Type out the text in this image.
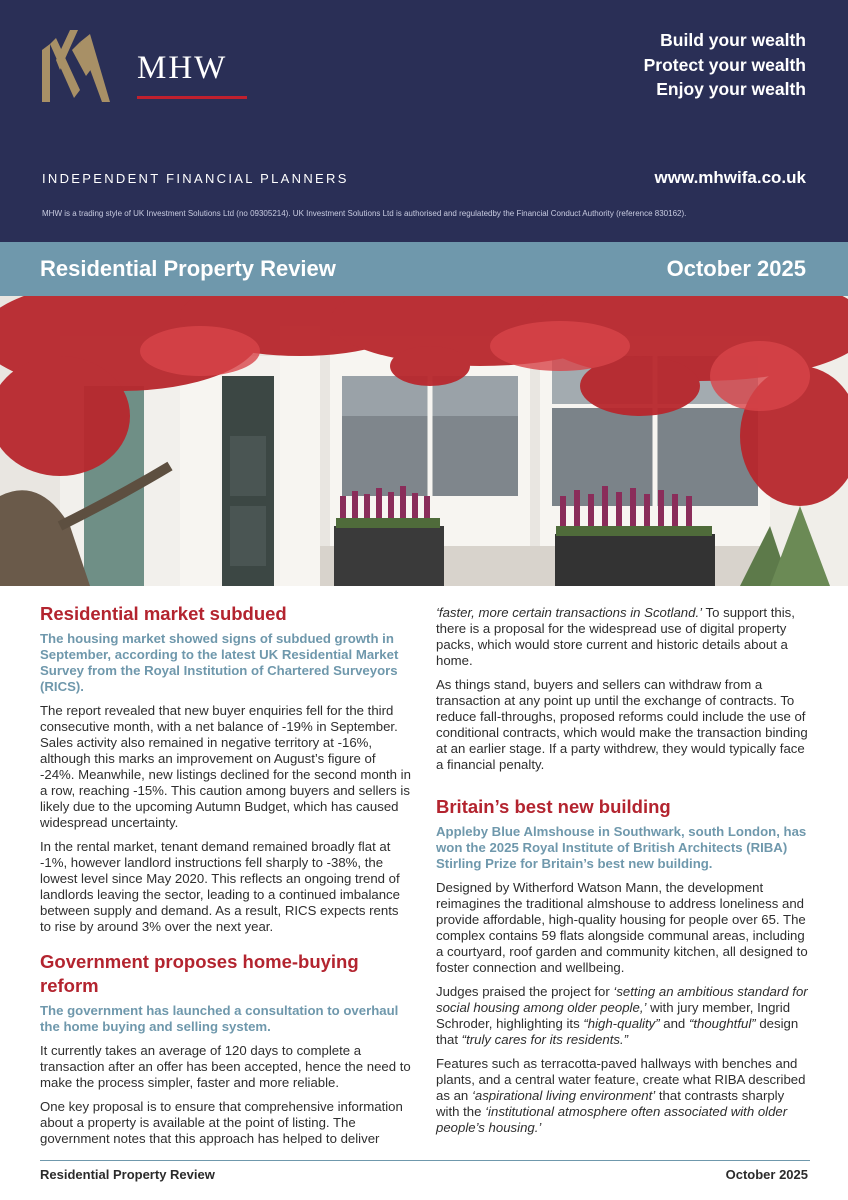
MHW
Build your wealth
Protect your wealth
Enjoy your wealth
INDEPENDENT FINANCIAL PLANNERS	www.mhwifa.co.uk
MHW is a trading style of UK Investment Solutions Ltd (no 09305214). UK Investment Solutions Ltd is authorised and regulatedby the Financial Conduct Authority (reference 830162).
Residential Property Review	October 2025
Residential market subdued
The housing market showed signs of subdued growth in September, according to the latest UK Residential Market Survey from the Royal Institution of Chartered Surveyors (RICS).

The report revealed that new buyer enquiries fell for the third consecutive month, with a net balance of -19% in September. Sales activity also remained in negative territory at -16%, although this marks an improvement on August’s figure of -24%. Meanwhile, new listings declined for the second month in a row, reaching -15%. This caution among buyers and sellers is likely due to the upcoming Autumn Budget, which has caused widespread uncertainty.

In the rental market, tenant demand remained broadly flat at -1%, however landlord instructions fell sharply to -38%, the lowest level since May 2020. This reflects an ongoing trend of landlords leaving the sector, leading to a continued imbalance between supply and demand. As a result, RICS expects rents to rise by around 3% over the next year.

Government proposes home-buying reform
The government has launched a consultation to overhaul the home buying and selling system.

It currently takes an average of 120 days to complete a transaction after an offer has been accepted, hence the need to make the process simpler, faster and more reliable.

One key proposal is to ensure that comprehensive information about a property is available at the point of listing. The government notes that this approach has helped to deliver

‘faster, more certain transactions in Scotland.’ To support this, there is a proposal for the widespread use of digital property packs, which would store current and historic details about a home.

As things stand, buyers and sellers can withdraw from a transaction at any point up until the exchange of contracts. To reduce fall-throughs, proposed reforms could include the use of conditional contracts, which would make the transaction binding at an earlier stage. If a party withdrew, they would typically face a financial penalty.

Britain’s best new building
Appleby Blue Almshouse in Southwark, south London, has won the 2025 Royal Institute of British Architects (RIBA) Stirling Prize for Britain’s best new building.

Designed by Witherford Watson Mann, the development reimagines the traditional almshouse to address loneliness and provide affordable, high-quality housing for people over 65. The complex contains 59 flats alongside communal areas, including a courtyard, roof garden and community kitchen, all designed to foster connection and wellbeing.

Judges praised the project for ‘setting an ambitious standard for social housing among older people,’ with jury member, Ingrid Schroder, highlighting its “high-quality” and “thoughtful” design that “truly cares for its residents.”

Features such as terracotta-paved hallways with benches and plants, and a central water feature, create what RIBA described as an ‘aspirational living environment’ that contrasts sharply with the ‘institutional atmosphere often associated with older people’s housing.’

Residential Property Review	October 2025
